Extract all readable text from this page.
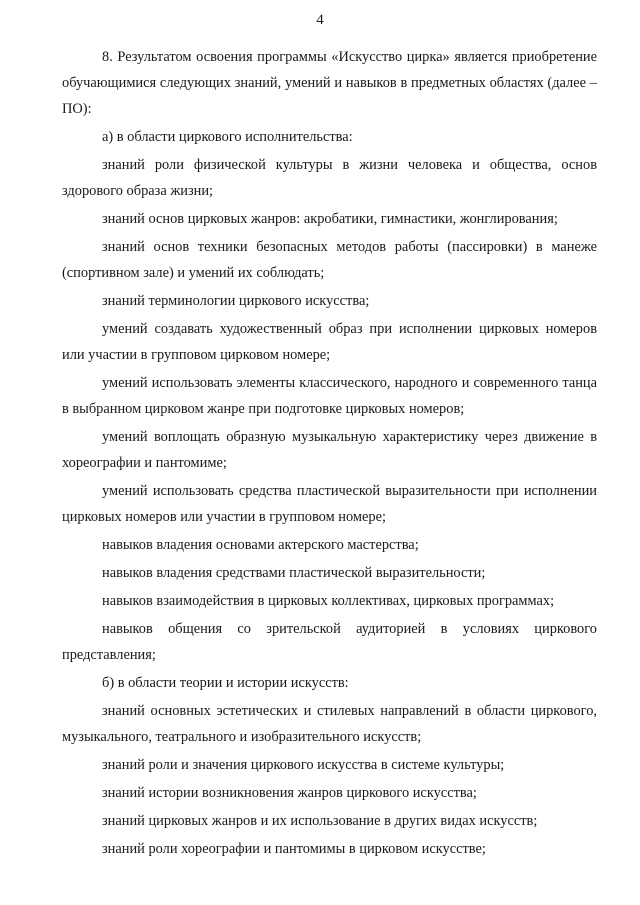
4

8. Результатом освоения программы «Искусство цирка» является приобретение обучающимися следующих знаний, умений и навыков в предметных областях (далее – ПО):

а) в области циркового исполнительства:

знаний роли физической культуры в жизни человека и общества, основ здорового образа жизни;

знаний основ цирковых жанров: акробатики, гимнастики, жонглирования;

знаний основ техники безопасных методов работы (пассировки) в манеже (спортивном зале) и умений их соблюдать;

знаний терминологии циркового искусства;

умений создавать художественный образ при исполнении цирковых номеров или участии в групповом цирковом номере;

умений использовать элементы классического, народного и современного танца в выбранном цирковом жанре при подготовке цирковых номеров;

умений воплощать образную музыкальную характеристику через движение в хореографии и пантомиме;

умений использовать средства пластической выразительности при исполнении цирковых номеров или участии в групповом номере;

навыков владения основами актерского мастерства;

навыков владения средствами пластической выразительности;

навыков взаимодействия в цирковых коллективах, цирковых программах;

навыков общения со зрительской аудиторией в условиях циркового представления;

б) в области теории и истории искусств:

знаний основных эстетических и стилевых направлений в области циркового, музыкального, театрального и изобразительного искусств;

знаний роли и значения циркового искусства в системе культуры;

знаний истории возникновения жанров циркового искусства;

знаний цирковых жанров и их использование в других видах искусств;

знаний роли хореографии и пантомимы в цирковом искусстве;
